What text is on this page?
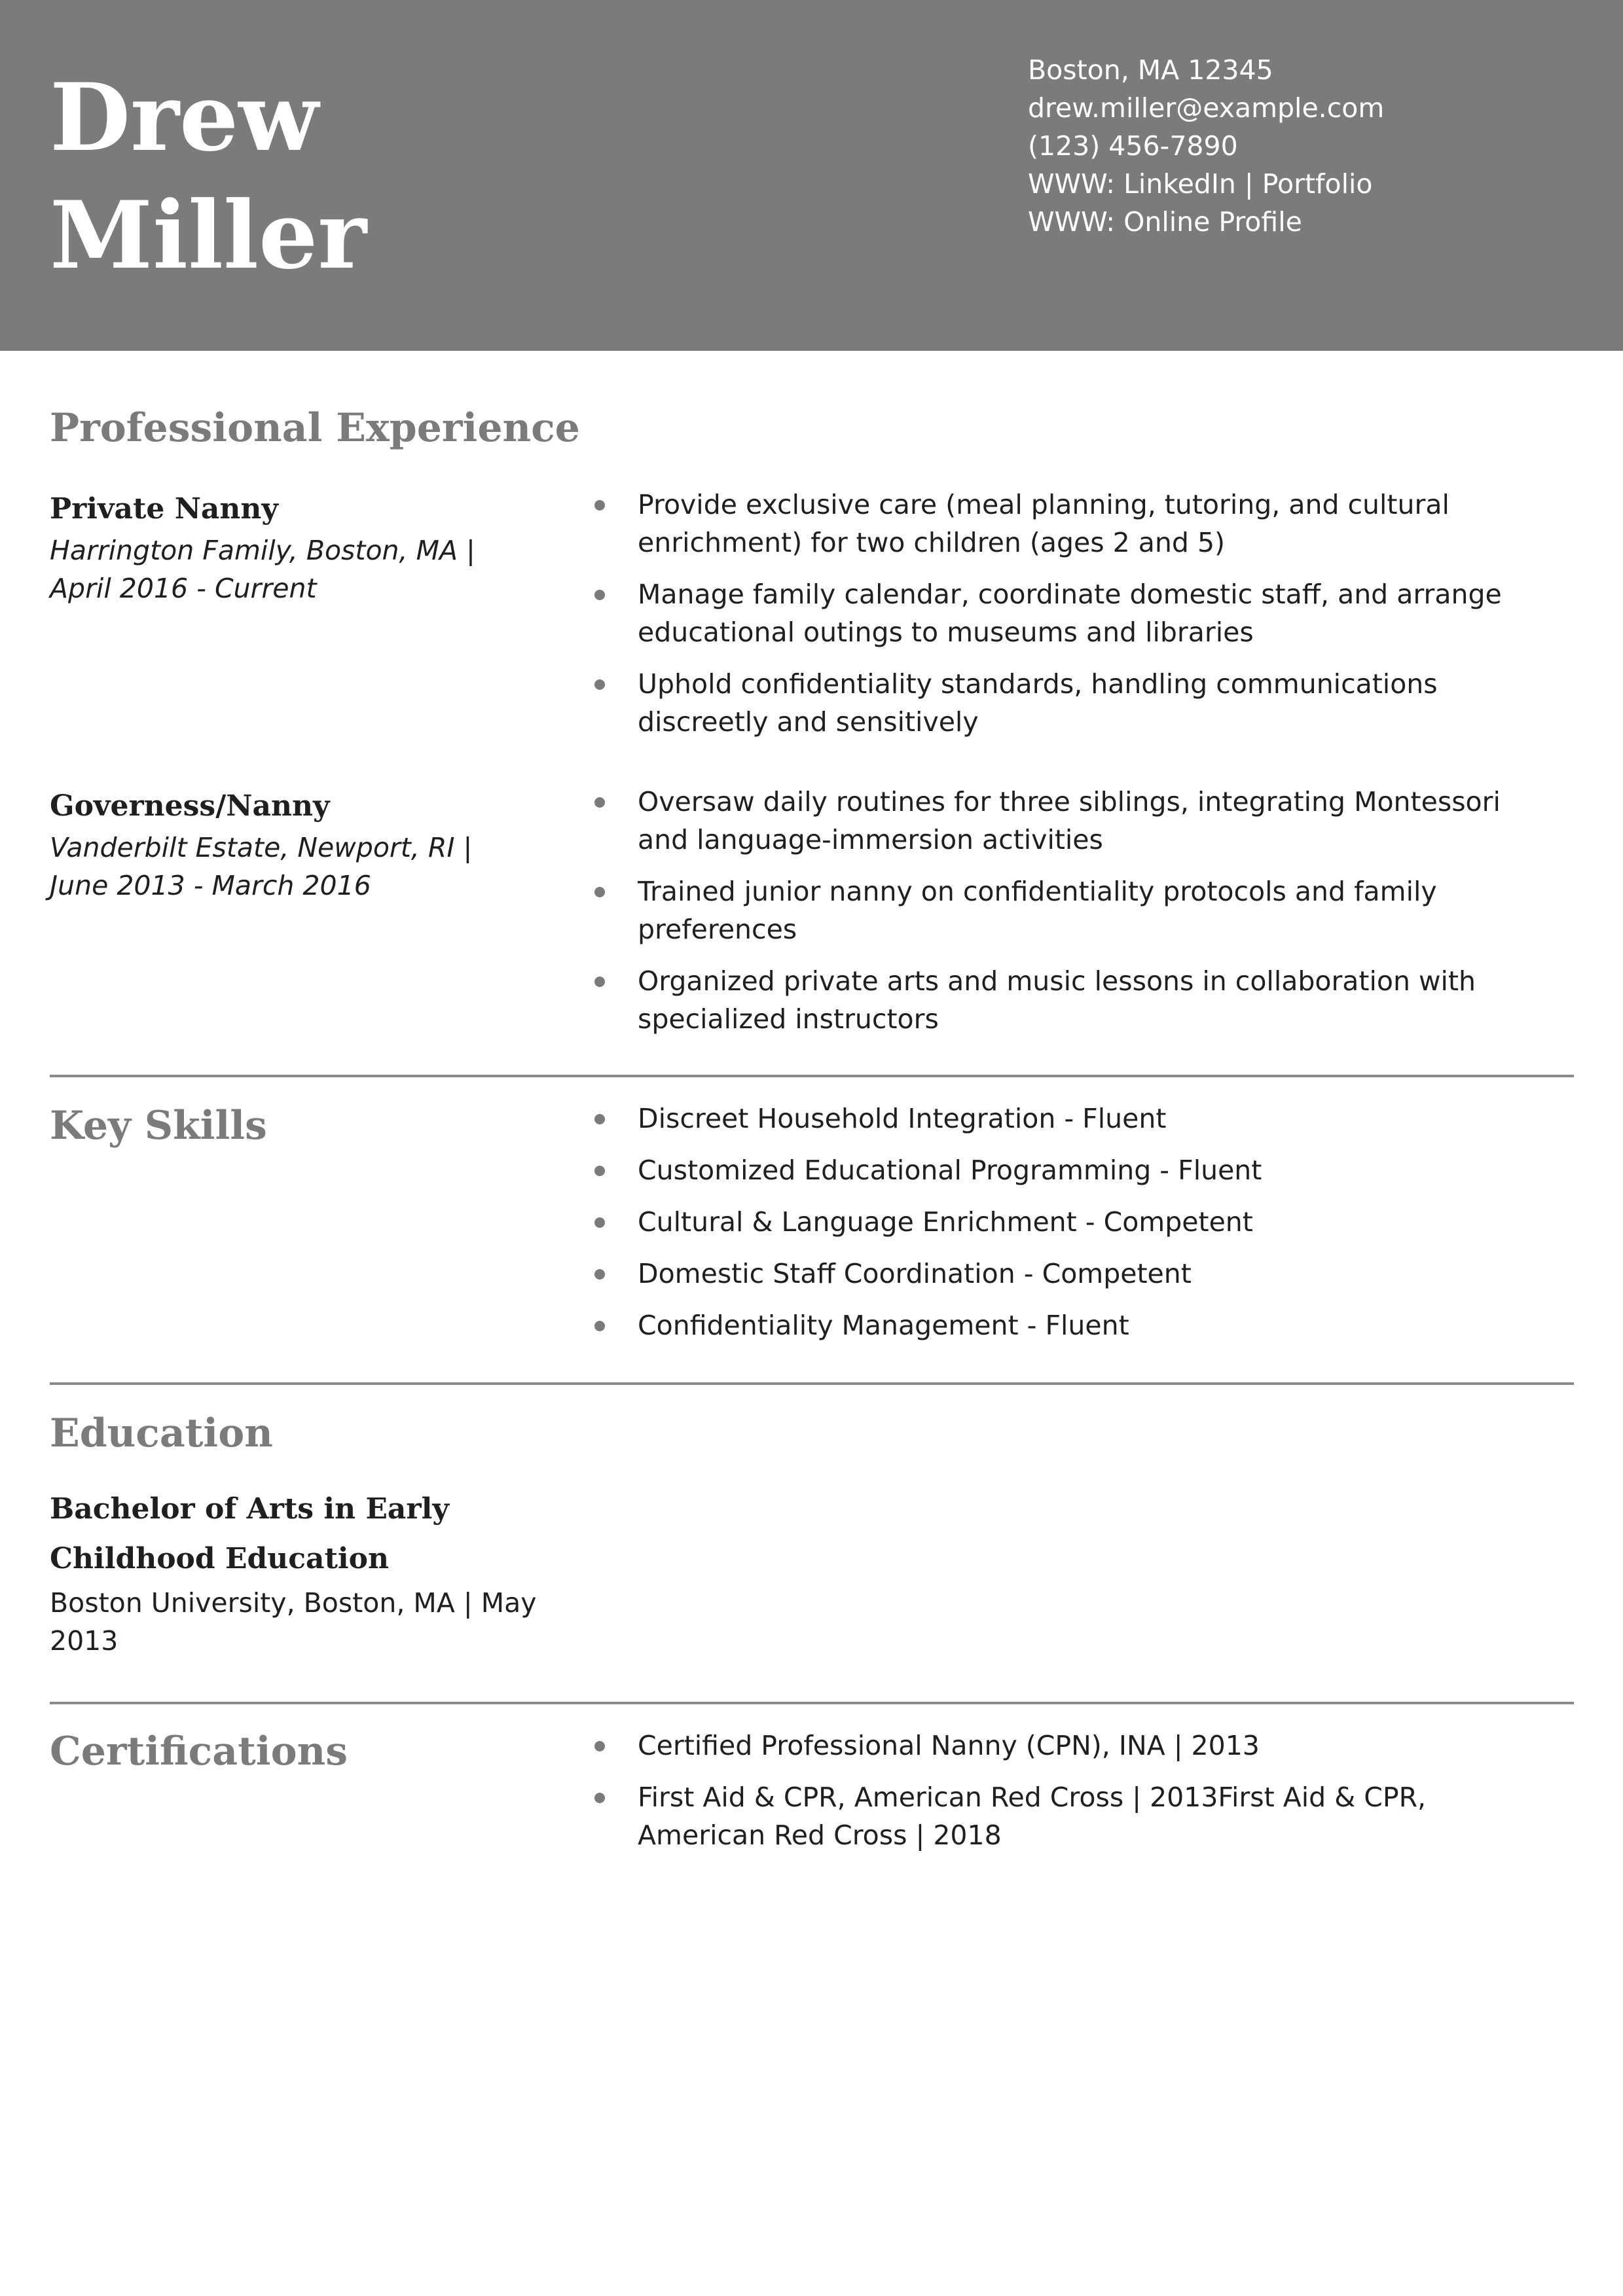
Drew
Miller
Boston, MA 12345
drew.miller@example.com
(123) 456-7890
WWW: LinkedIn | Portfolio
WWW: Online Profile
Professional Experience
Private Nanny
Harrington Family, Boston, MA |
April 2016 - Current
Provide exclusive care (meal planning, tutoring, and cultural enrichment) for two children (ages 2 and 5)
Manage family calendar, coordinate domestic staff, and arrange educational outings to museums and libraries
Uphold confidentiality standards, handling communications discreetly and sensitively
Governess/Nanny
Vanderbilt Estate, Newport, RI |
June 2013 - March 2016
Oversaw daily routines for three siblings, integrating Montessori and language-immersion activities
Trained junior nanny on confidentiality protocols and family preferences
Organized private arts and music lessons in collaboration with specialized instructors
Key Skills	Discreet Household Integration - Fluent
Customized Educational Programming - Fluent
Cultural & Language Enrichment - Competent
Domestic Staff Coordination - Competent
Confidentiality Management - Fluent
Education
Bachelor of Arts in Early
Childhood Education
Boston University, Boston, MA | May 2013
Certifications	Certified Professional Nanny (CPN), INA | 2013
First Aid & CPR, American Red Cross | 2013First Aid & CPR, American Red Cross | 2018
